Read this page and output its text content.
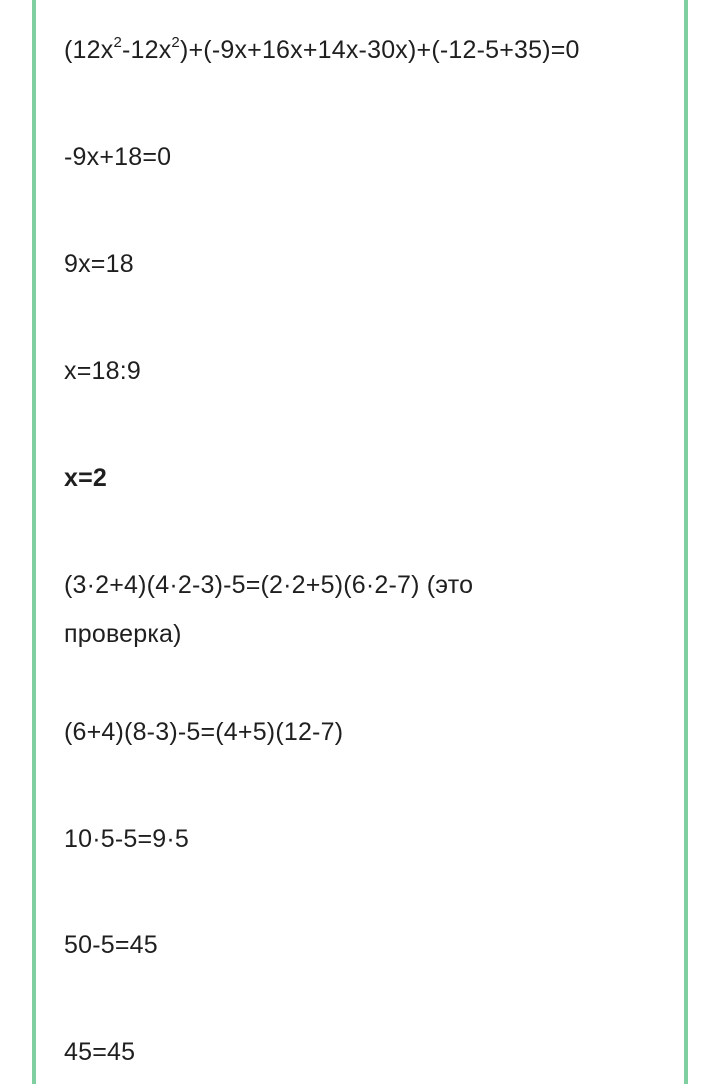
$(12x^2-12x^2)+(-9x+16x+14x-30x)+(-12-5+35)=0$
-9x+18=0
9x=18
x=18:9
x=2
(3·2+4)(4·2-3)-5=(2·2+5)(6·2-7) (это
проверка)
(6+4)(8-3)-5=(4+5)(12-7)
10·5-5=9·5
50-5=45
45=45
